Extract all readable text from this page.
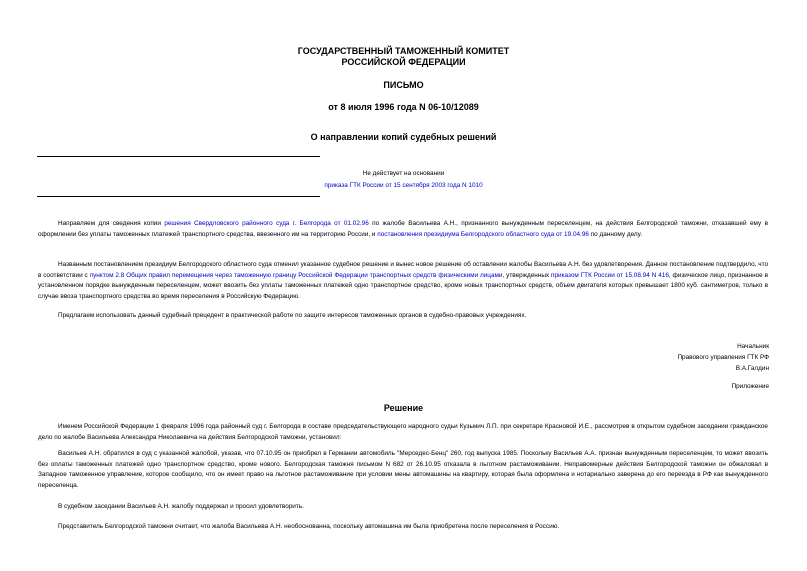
ГОСУДАРСТВЕННЫЙ ТАМОЖЕННЫЙ КОМИТЕТ
РОССИЙСКОЙ ФЕДЕРАЦИИ
ПИСЬМО
от 8 июля 1996 года N 06-10/12089
О направлении копий судебных решений
Не действует на основании
приказа ГТК России от 15 сентября 2003 года N 1010
Направляем для сведения копии решения Свердловского районного суда г. Белгорода от 01.02.96 по жалобе Васильева А.Н., признанного вынужденным переселенцем, на действия Белгородской таможни, отказавшей ему в оформлении без уплаты таможенных платежей транспортного средства, ввезенного им на территорию России, и постановления президиума Белгородского областного суда от 19.04.96 по данному делу.
Названным постановлением президиум Белгородского областного суда отменил указанное судебное решение и вынес новое решение об оставлении жалобы Васильева А.Н. без удовлетворения. Данное постановление подтвердило, что в соответствии с пунктом 2.8 Общих правил перемещения через таможенную границу Российской Федерации транспортных средств физическими лицами, утвержденных приказом ГТК России от 15.08.94 N 416, физическое лицо, признанное в установленном порядке вынужденным переселенцем, может ввозить без уплаты таможенных платежей одно транспортное средство, кроме новых транспортных средств, объем двигателя которых превышает 1800 куб. сантиметров, только в случае ввоза транспортного средства во время переселения в Российскую Федерацию.
Предлагаем использовать данный судебный прецедент в практической работе по защите интересов таможенных органов в судебно-правовых учреждениях.
Начальник
Правового управления ГТК РФ
В.А.Галдин
Приложение
Решение
Именем Российской Федерации 1 февраля 1996 года районный суд г. Белгорода в составе председательствующего народного судьи Кузьмич Л.П. при секретаре Красновой И.Е., рассмотрев в открытом судебном заседании гражданское дело по жалобе Васильева Александра Николаевича на действия Белгородской таможни, установил:
Васильев А.Н. обратился в суд с указанной жалобой, указав, что 07.10.95 он приобрел в Германии автомобиль "Мерседес-Бенц" 260, год выпуска 1985. Поскольку Васильев А.А. признан вынужденным переселенцем, то может ввозить без оплаты таможенных платежей одно транспортное средство, кроме нового. Белгородская таможня письмом N 682 от 26.10.95 отказала в льготном растаможивании. Неправомерные действия Белгородской таможни он обжаловал в Западное таможенное управление, которое сообщило, что он имеет право на льготное растаможивание при условии мены автомашины на квартиру, которая была оформлена и нотариально заверена до его переезда в РФ как вынужденного переселенца.
В судебном заседании Васильев А.Н. жалобу поддержал и просил удовлетворить.
Представитель Белгородской таможни считает, что жалоба Васильева А.Н. необоснованна, поскольку автомашина им была приобретена после переселения в Россию.
